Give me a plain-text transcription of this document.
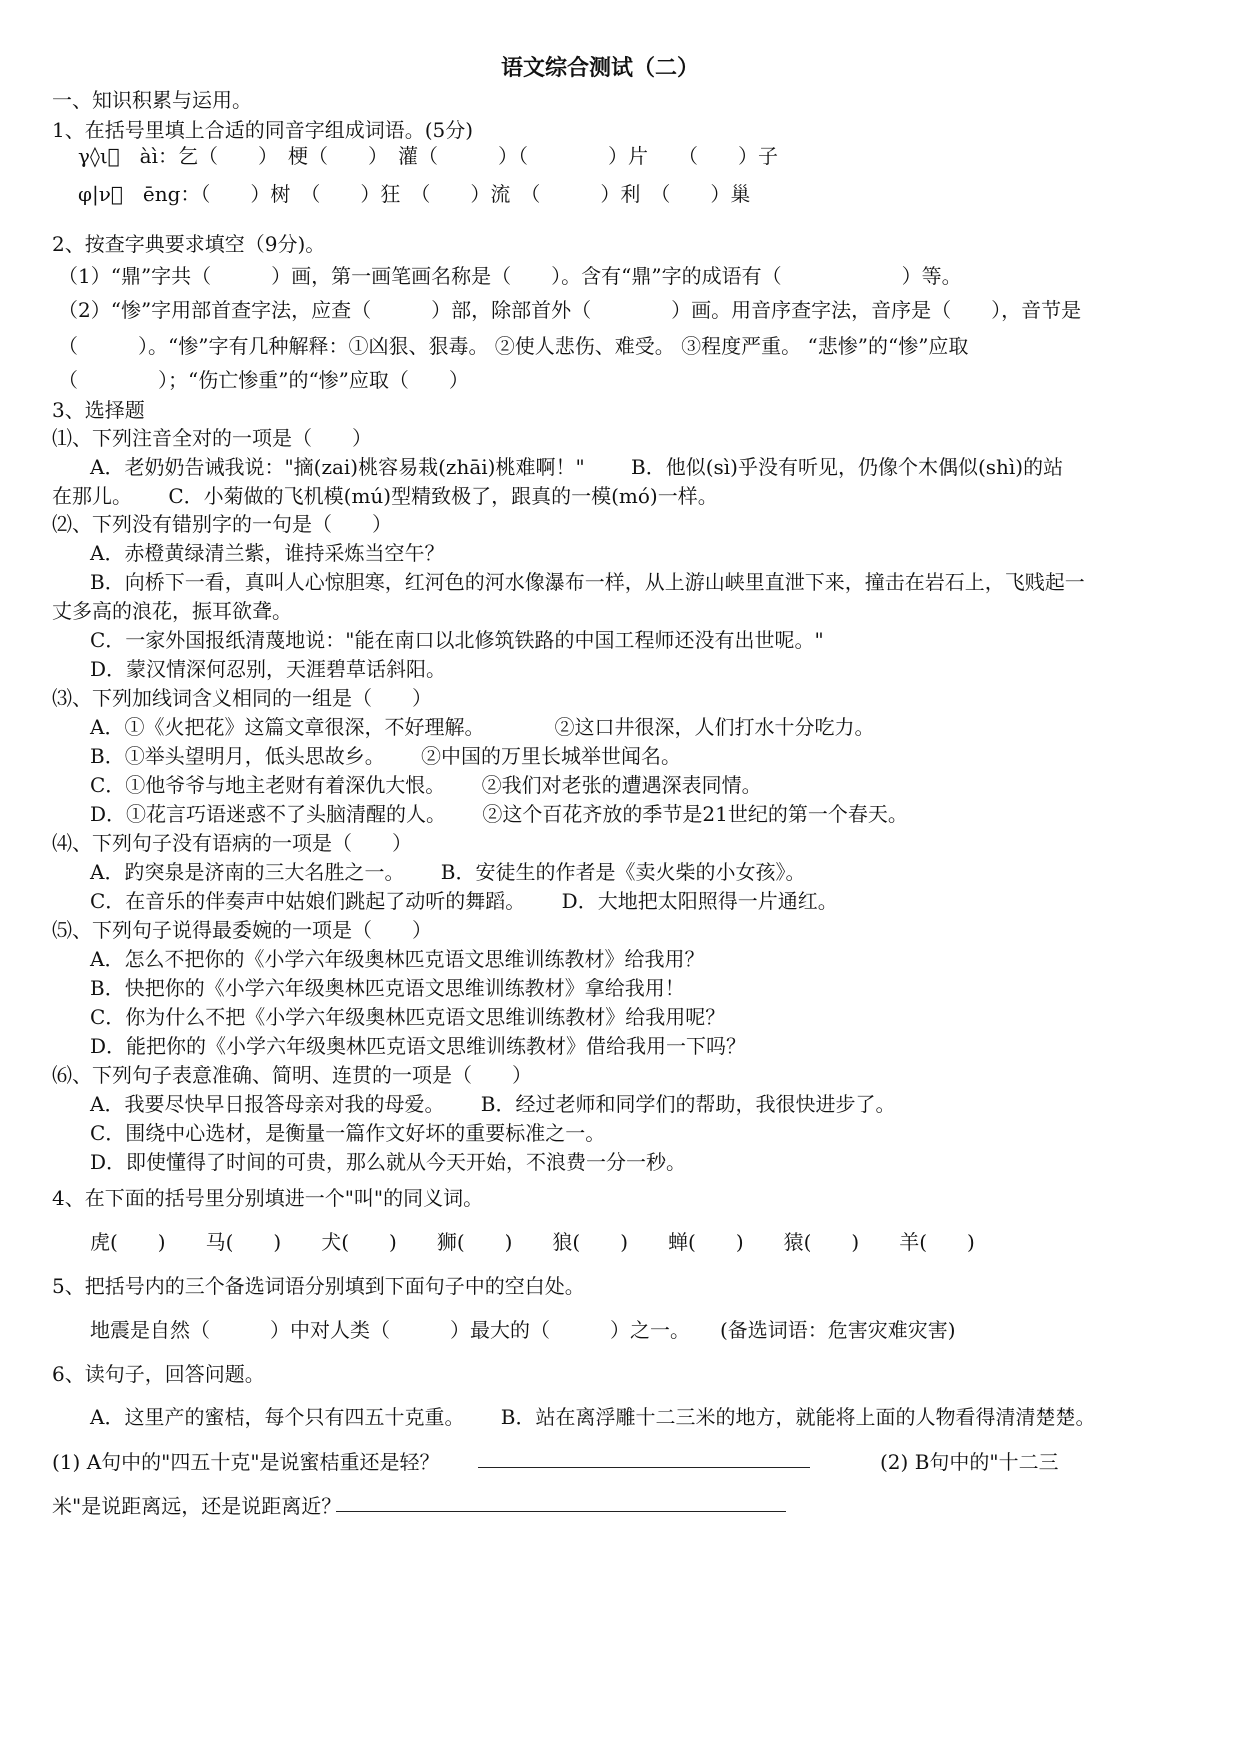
语文综合测试（二）
一、知识积累与运用。
1、在括号里填上合适的同音字组成词语。(5分)
γ◊ι 　àì：乞（　　）　梗（　　）　灌（　　　）（　　　　）片　　（　　）子
φ|ν 　ēng：（　　）树　（　　）狂　（　　）流　（　　　）利　（　　）巢
2、按查字典要求填空（9分)。
（1）“鼎”字共（　　　）画，第一画笔画名称是（　　）。含有“鼎”字的成语有（　　　　　　）等。
（2）“惨”字用部首查字法，应查（　　　）部，除部首外（　　　　）画。用音序查字法，音序是（　　），音节是
（　　　）。“惨”字有几种解释：①凶狠、狠毒。 ②使人悲伤、难受。 ③程度严重。 “悲惨”的“惨”应取
（　　　　）；“伤亡惨重”的“惨”应取（　　）
3、选择题
⑴、下列注音全对的一项是（　　）
A．老奶奶告诫我说："摘(zai)桃容易栽(zhāi)桃难啊！"　　 B．他似(sì)乎没有听见，仍像个木偶似(shì)的站
在那儿。　　 C．小菊做的飞机模(mú)型精致极了，跟真的一模(mó)一样。
⑵、下列没有错别字的一句是（　　）
A．赤橙黄绿清兰紫，谁持采炼当空午？
B．向桥下一看，真叫人心惊胆寒，红河色的河水像瀑布一样，从上游山峡里直泄下来，撞击在岩石上，飞贱起一
丈多高的浪花，振耳欲聋。
C．一家外国报纸清蔑地说："能在南口以北修筑铁路的中国工程师还没有出世呢。"
D．蒙汉情深何忍别，天涯碧草话斜阳。
⑶、下列加线词含义相同的一组是（　　）
A．①《火把花》这篇文章很深，不好理解。　　　　②这口井很深，人们打水十分吃力。
B．①举头望明月，低头思故乡。　　 ②中国的万里长城举世闻名。
C．①他爷爷与地主老财有着深仇大恨。　　 ②我们对老张的遭遇深表同情。
D．①花言巧语迷惑不了头脑清醒的人。　　 ②这个百花齐放的季节是21世纪的第一个春天。
⑷、下列句子没有语病的一项是（　　）
A．趵突泉是济南的三大名胜之一。　　 B．安徒生的作者是《卖火柴的小女孩》。
C．在音乐的伴奏声中姑娘们跳起了动听的舞蹈。　　 D．大地把太阳照得一片通红。
⑸、下列句子说得最委婉的一项是（　　）
A．怎么不把你的《小学六年级奥林匹克语文思维训练教材》给我用？
B．快把你的《小学六年级奥林匹克语文思维训练教材》拿给我用！
C．你为什么不把《小学六年级奥林匹克语文思维训练教材》给我用呢？
D．能把你的《小学六年级奥林匹克语文思维训练教材》借给我用一下吗？
⑹、下列句子表意准确、简明、连贯的一项是（　　）
A．我要尽快早日报答母亲对我的母爱。　　 B．经过老师和同学们的帮助，我很快进步了。
C．围绕中心选材，是衡量一篇作文好坏的重要标准之一。
D．即使懂得了时间的可贵，那么就从今天开始，不浪费一分一秒。
4、在下面的括号里分别填进一个"叫"的同义词。
虎(　　)　　马(　　)　　犬(　　)　　狮(　　)　　狼(　　)　　蝉(　　)　　猿(　　)　　羊(　　)
5、把括号内的三个备选词语分别填到下面句子中的空白处。
地震是自然（　　　）中对人类（　　　）最大的（　　　）之一。　　(备选词语：危害灾难灾害)
6、读句子，回答问题。
A．这里产的蜜桔，每个只有四五十克重。　　 B．站在离浮雕十二三米的地方，就能将上面的人物看得清清楚楚。
(1) A句中的"四五十克"是说蜜桔重还是轻？	(2) B句中的"十二三
米"是说距离远，还是说距离近？
